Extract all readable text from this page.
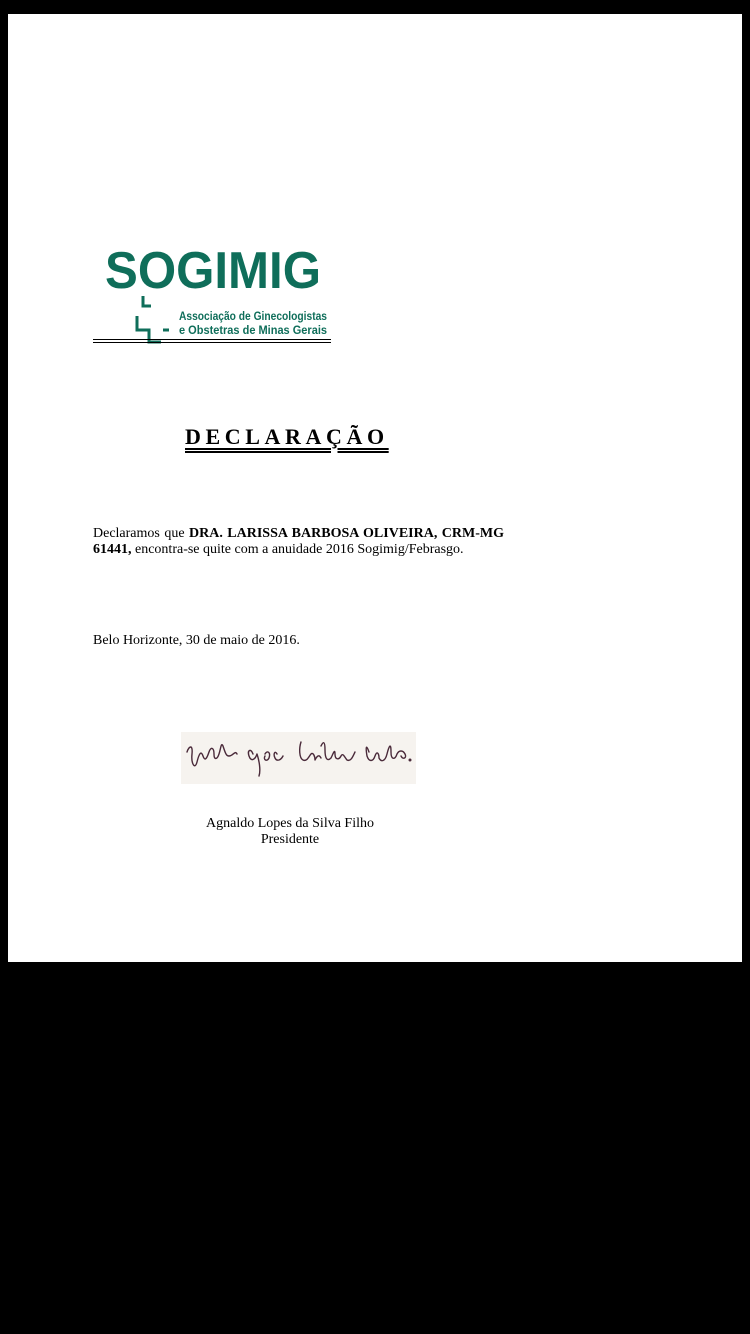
SOGIMIG
Associação de Ginecologistas
e Obstetras de Minas Gerais
DECLARAÇÃO
Declaramos que DRA. LARISSA BARBOSA OLIVEIRA, CRM-MG 61441, encontra-se quite com a anuidade 2016 Sogimig/Febrasgo.
Belo Horizonte, 30 de maio de 2016.
Agnaldo Lopes da Silva Filho
Presidente
